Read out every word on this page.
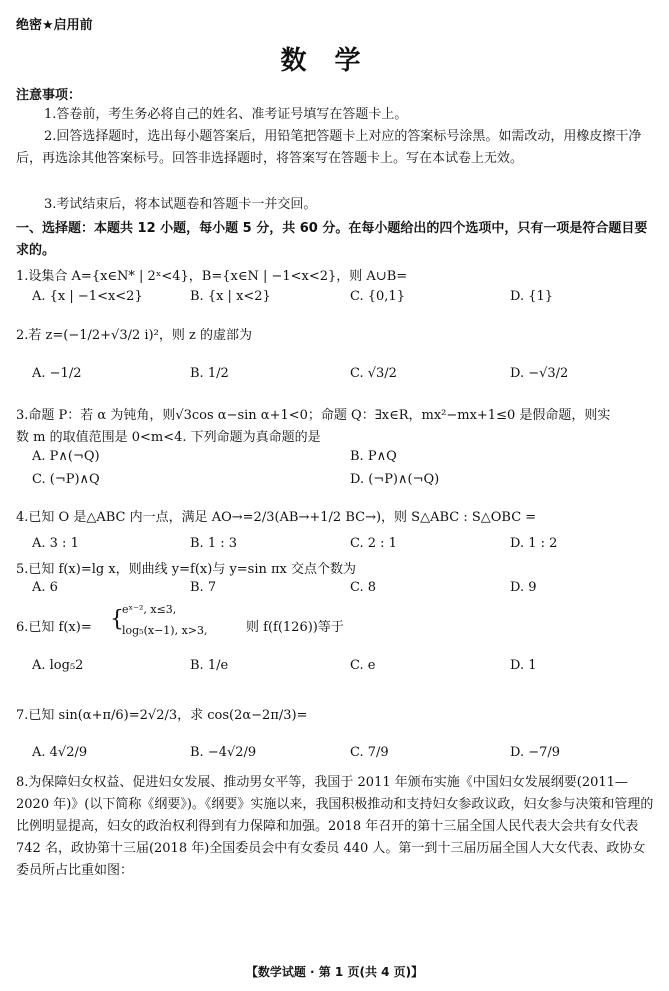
绝密★启用前
数学
注意事项：
1.答卷前，考生务必将自己的姓名、准考证号填写在答题卡上。
2.回答选择题时，选出每小题答案后，用铅笔把答题卡上对应的答案标号涂黑。如需改动，用橡皮擦干净后，再选涂其他答案标号。回答非选择题时，将答案写在答题卡上。写在本试卷上无效。
3.考试结束后，将本试题卷和答题卡一并交回。
一、选择题：本题共 12 小题，每小题 5 分，共 60 分。在每小题给出的四个选项中，只有一项是符合题目要求的。
1.设集合 A={x∈N* | 2ˣ<4}，B={x∈N | −1<x<2}，则 A∪B=
A. {x | −1<x<2}	B. {x | x<2}	C. {0,1}	D. {1}
2.若 z=(−1/2+√3/2 i)²，则 z 的虚部为
A. −1/2	B. 1/2	C. √3/2	D. −√3/2
3.命题 P：若 α 为钝角，则√3cos α−sin α+1<0；命题 Q：∃x∈R，mx²−mx+1≤0 是假命题，则实
数 m 的取值范围是 0<m<4. 下列命题为真命题的是
A. P∧(¬Q)	B. P∧Q
C. (¬P)∧Q	D. (¬P)∧(¬Q)
4.已知 O 是△ABC 内一点，满足 AO→=2/3(AB→+1/2 BC→)，则 S△ABC : S△OBC =
A. 3 : 1	B. 1 : 3	C. 2 : 1	D. 1 : 2
5.已知 f(x)=lg x，则曲线 y=f(x)与 y=sin πx 交点个数为
A. 6	B. 7	C. 8	D. 9
6.已知 f(x)= {
eˣ⁻², x≤3,
log₅(x−1), x>3,	则 f(f(126))等于
A. log₅2	B. 1/e	C. e	D. 1
7.已知 sin(α+π/6)=2√2/3，求 cos(2α−2π/3)=
A. 4√2/9	B. −4√2/9	C. 7/9	D. −7/9
8.为保障妇女权益、促进妇女发展、推动男女平等，我国于 2011 年颁布实施《中国妇女发展纲要(2011—2020 年)》(以下简称《纲要》)。《纲要》实施以来，我国积极推动和支持妇女参政议政，妇女参与决策和管理的比例明显提高，妇女的政治权利得到有力保障和加强。2018 年召开的第十三届全国人民代表大会共有女代表 742 名，政协第十三届(2018 年)全国委员会中有女委员 440 人。第一到十三届历届全国人大女代表、政协女委员所占比重如图：
【数学试题 · 第 1 页(共 4 页)】
